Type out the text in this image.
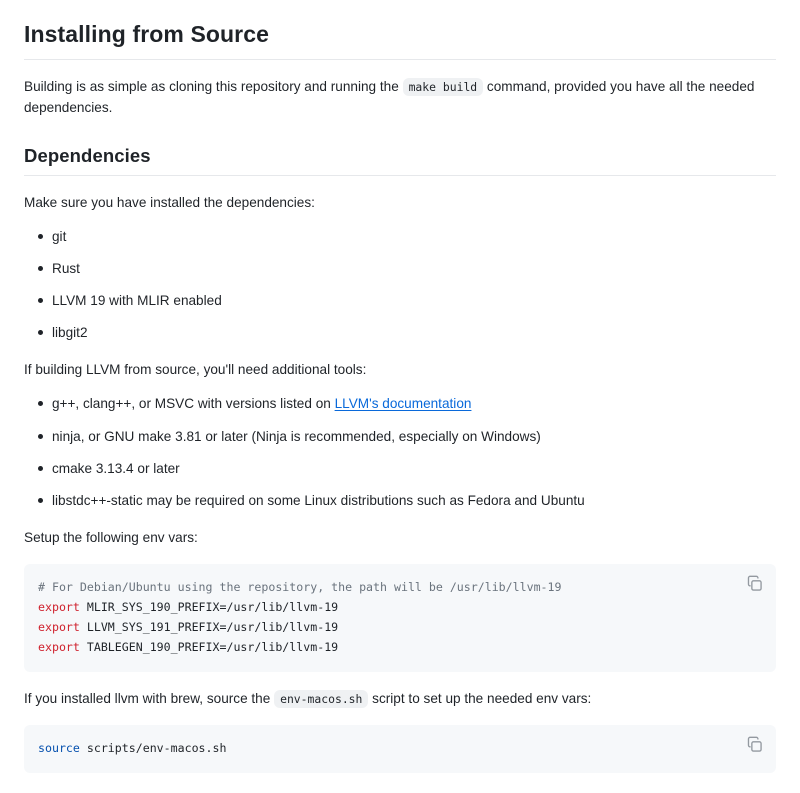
Installing from Source

Building is as simple as cloning this repository and running the make build command, provided you have all the needed dependencies.

Dependencies

Make sure you have installed the dependencies:

git
Rust
LLVM 19 with MLIR enabled
libgit2

If building LLVM from source, you'll need additional tools:

g++, clang++, or MSVC with versions listed on LLVM's documentation
ninja, or GNU make 3.81 or later (Ninja is recommended, especially on Windows)
cmake 3.13.4 or later
libstdc++-static may be required on some Linux distributions such as Fedora and Ubuntu

Setup the following env vars:

# For Debian/Ubuntu using the repository, the path will be /usr/lib/llvm-19
export MLIR_SYS_190_PREFIX=/usr/lib/llvm-19
export LLVM_SYS_191_PREFIX=/usr/lib/llvm-19
export TABLEGEN_190_PREFIX=/usr/lib/llvm-19

If you installed llvm with brew, source the env-macos.sh script to set up the needed env vars:

source scripts/env-macos.sh
